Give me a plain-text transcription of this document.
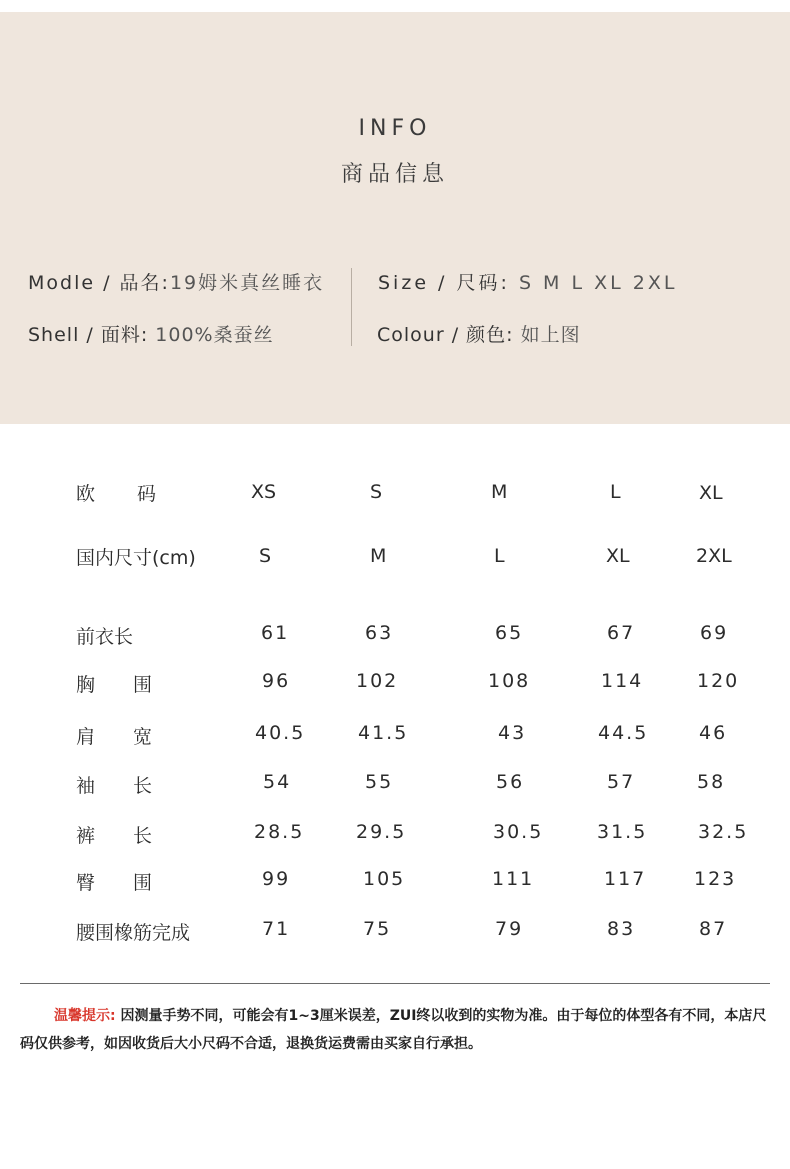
INFO
商品信息
Modle / 品名:19姆米真丝睡衣
Shell / 面料: 100%桑蚕丝
Size / 尺码: S M L XL 2XL
Colour / 颜色: 如上图
欧 码	XS	S	M	L	XL
国内尺寸(cm)	S	M	L	XL	2XL
前衣长	61	63	65	67	69
胸 围	96	102	108	114	120
肩 宽	40.5	41.5	43	44.5	46
袖 长	54	55	56	57	58
裤 长	28.5	29.5	30.5	31.5	32.5
臀 围	99	105	111	117	123
腰围橡筋完成	71	75	79	83	87
温馨提示: 因测量手势不同，可能会有1~3厘米误差，ZUI终以收到的实物为准。由于每位的体型各有不同，本店尺码仅供参考，如因收货后大小尺码不合适，退换货运费需由买家自行承担。
